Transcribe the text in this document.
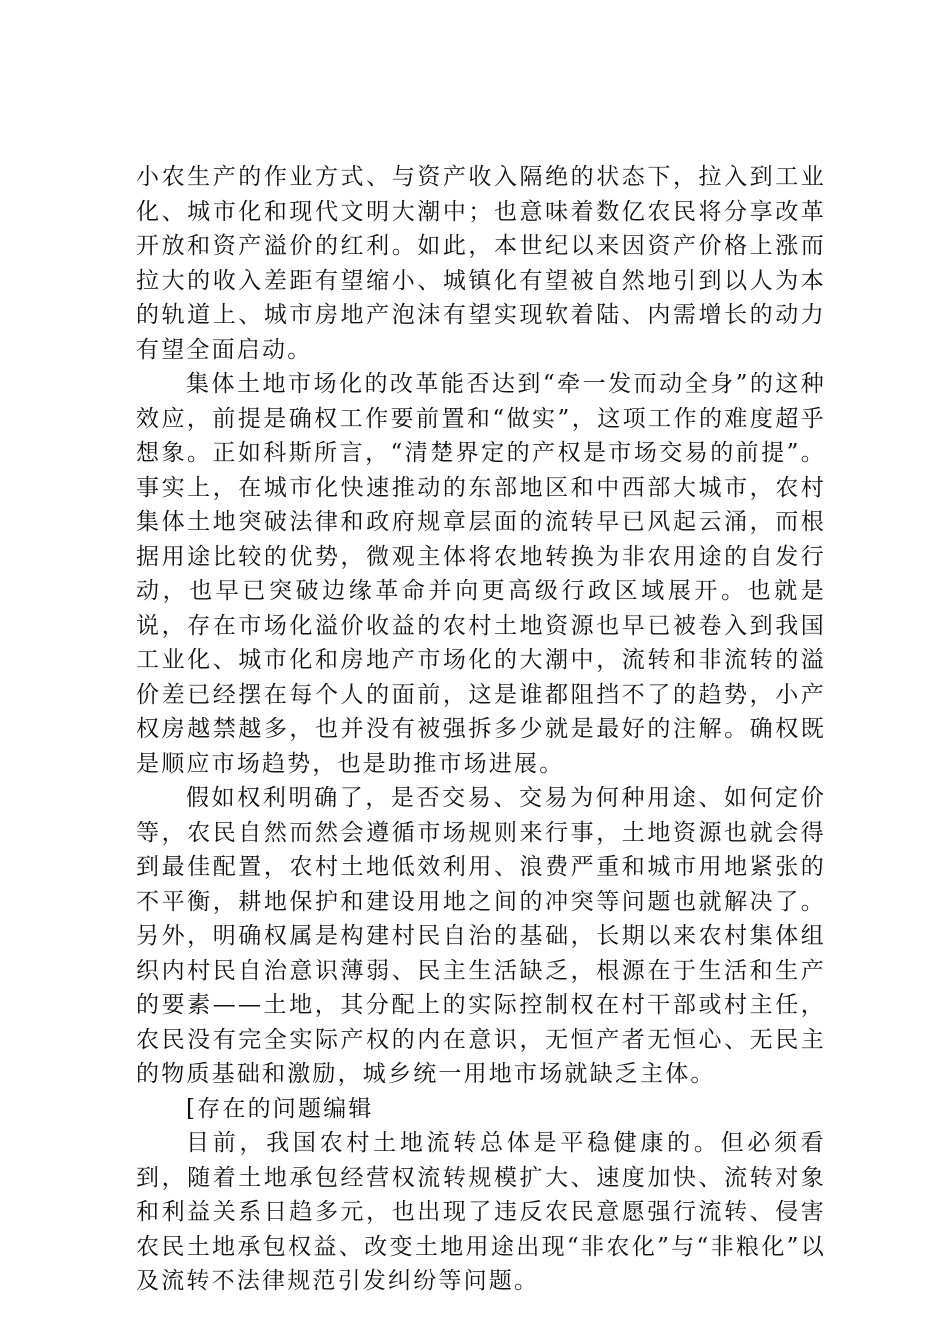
小农生产的作业方式、与资产收入隔绝的状态下，拉入到工业化、城市化和现代文明大潮中；也意味着数亿农民将分享改革开放和资产溢价的红利。如此，本世纪以来因资产价格上涨而拉大的收入差距有望缩小、城镇化有望被自然地引到以人为本的轨道上、城市房地产泡沫有望实现软着陆、内需增长的动力有望全面启动。

集体土地市场化的改革能否达到“牵一发而动全身”的这种效应，前提是确权工作要前置和“做实”，这项工作的难度超乎想象。正如科斯所言，“清楚界定的产权是市场交易的前提”。事实上，在城市化快速推动的东部地区和中西部大城市，农村集体土地突破法律和政府规章层面的流转早已风起云涌，而根据用途比较的优势，微观主体将农地转换为非农用途的自发行动，也早已突破边缘革命并向更高级行政区域展开。也就是说，存在市场化溢价收益的农村土地资源也早已被卷入到我国工业化、城市化和房地产市场化的大潮中，流转和非流转的溢价差已经摆在每个人的面前，这是谁都阻挡不了的趋势，小产权房越禁越多，也并没有被强拆多少就是最好的注解。确权既是顺应市场趋势，也是助推市场进展。

假如权利明确了，是否交易、交易为何种用途、如何定价等，农民自然而然会遵循市场规则来行事，土地资源也就会得到最佳配置，农村土地低效利用、浪费严重和城市用地紧张的不平衡，耕地保护和建设用地之间的冲突等问题也就解决了。另外，明确权属是构建村民自治的基础，长期以来农村集体组织内村民自治意识薄弱、民主生活缺乏，根源在于生活和生产的要素——土地，其分配上的实际控制权在村干部或村主任，农民没有完全实际产权的内在意识，无恒产者无恒心、无民主的物质基础和激励，城乡统一用地市场就缺乏主体。

[存在的问题编辑

目前，我国农村土地流转总体是平稳健康的。但必须看到，随着土地承包经营权流转规模扩大、速度加快、流转对象和利益关系日趋多元，也出现了违反农民意愿强行流转、侵害农民土地承包权益、改变土地用途出现“非农化”与“非粮化”以及流转不法律规范引发纠纷等问题。
